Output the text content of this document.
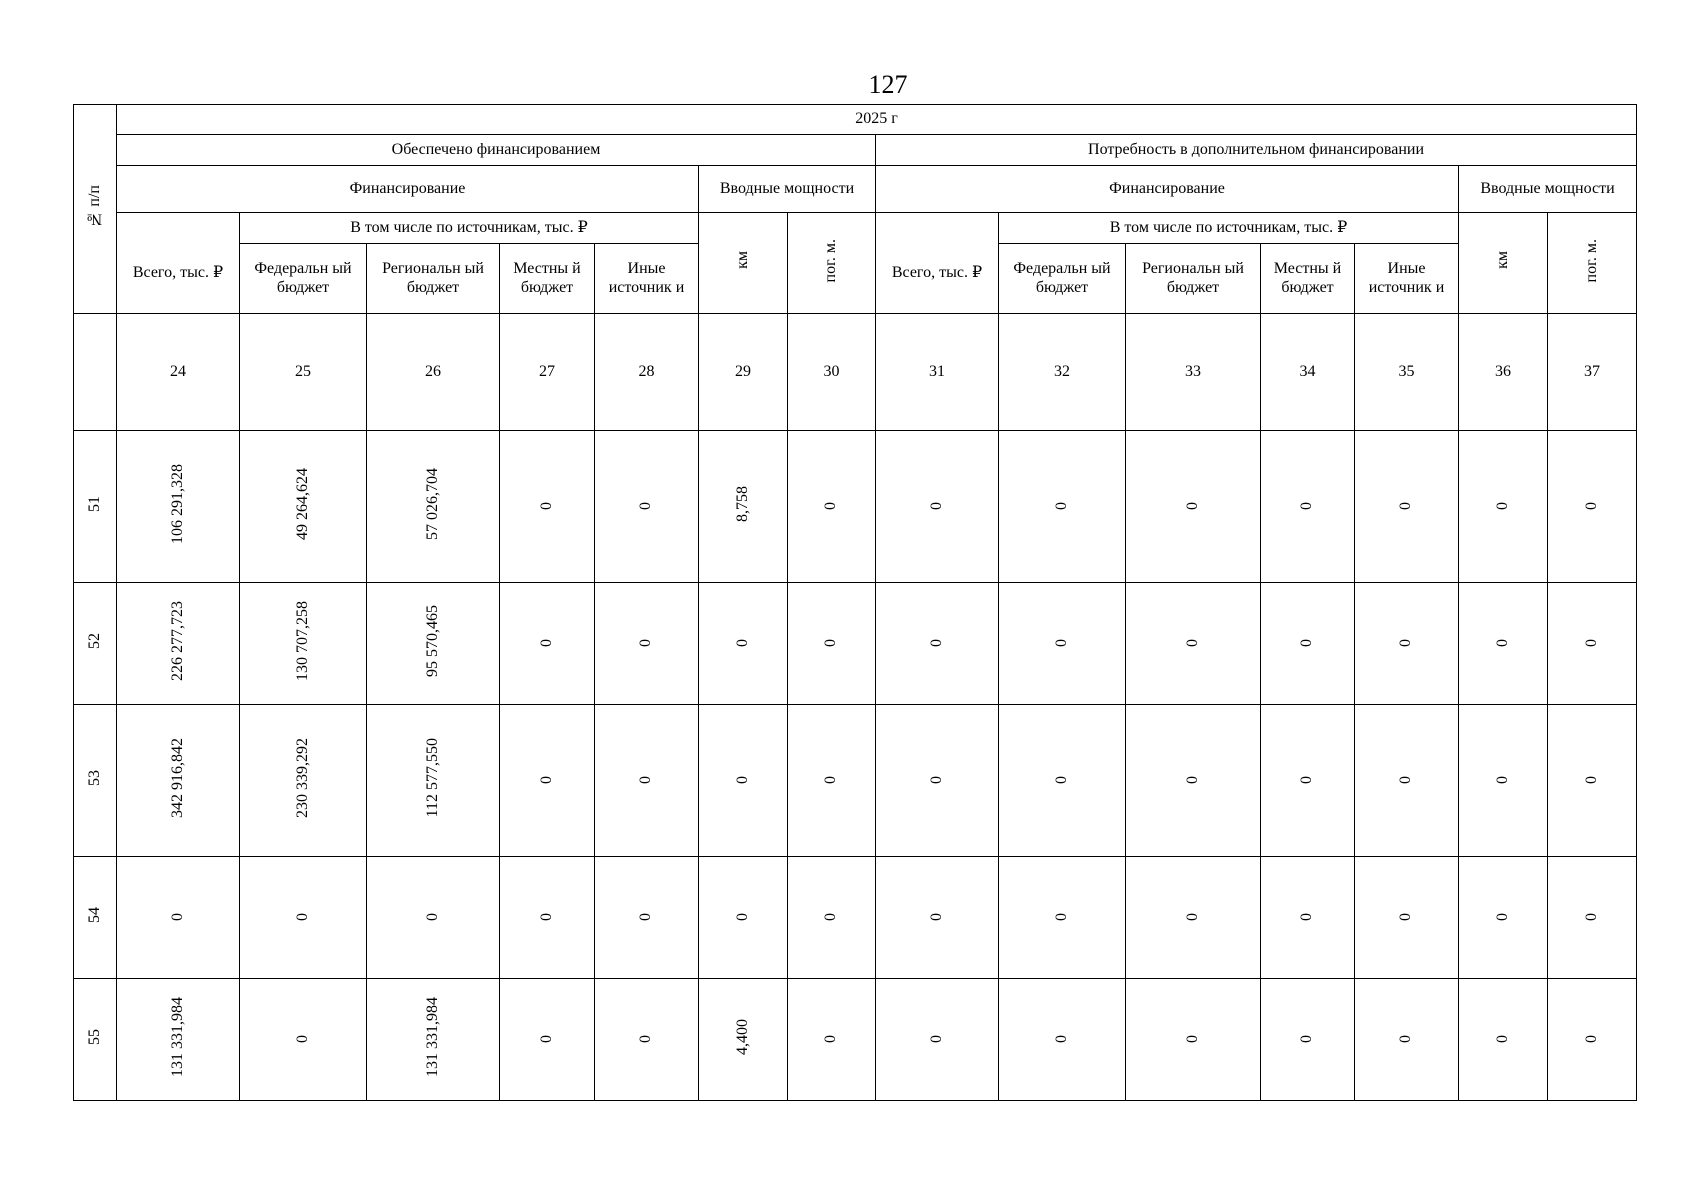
127
№ п/п	2025 г													
	Обеспечено финансированием							Потребность в дополнительном финансировании						
	Финансирование					Вводные мощности		Финансирование					Вводные мощности	
	Всего, тыс. ₽	В том числе по источникам, тыс. ₽				км	пог. м.	Всего, тыс. ₽	В том числе по источникам, тыс. ₽				км	пог. м.
		Федеральн ый бюджет	Региональн ый бюджет	Местны й бюджет	Иные источник и				Федеральн ый бюджет	Региональн ый бюджет	Местны й бюджет	Иные источник и		
	24	25	26	27	28	29	30	31	32	33	34	35	36	37
51	106 291,328	49 264,624	57 026,704	0	0	8,758	0	0	0	0	0	0	0	0
52	226 277,723	130 707,258	95 570,465	0	0	0	0	0	0	0	0	0	0	0
53	342 916,842	230 339,292	112 577,550	0	0	0	0	0	0	0	0	0	0	0
54	0	0	0	0	0	0	0	0	0	0	0	0	0	0
55	131 331,984	0	131 331,984	0	0	4,400	0	0	0	0	0	0	0	0
